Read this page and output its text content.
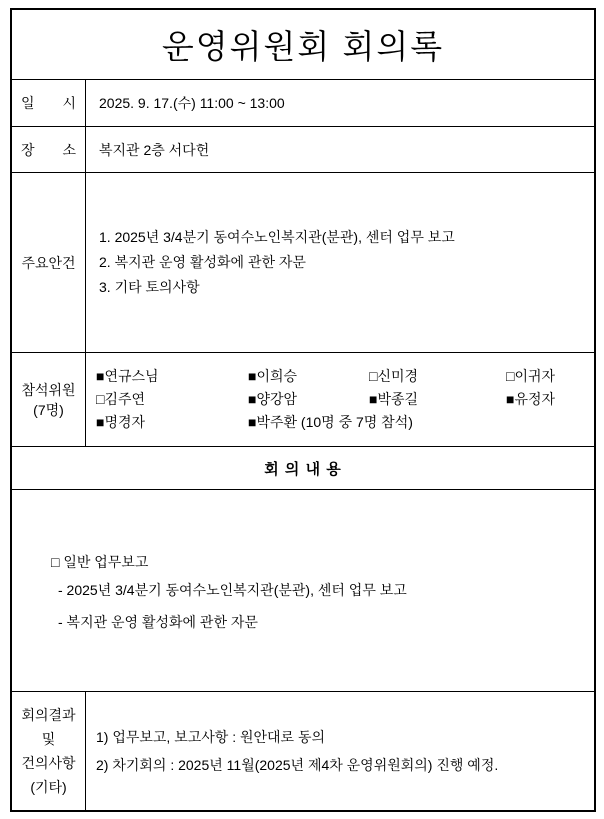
운영위원회 회의록
일 시 2025. 9. 17.(수) 11:00 ~ 13:00
장 소 복지관 2층 서다헌
주요안건
1. 2025년 3/4분기 동여수노인복지관(분관), 센터 업무 보고
2. 복지관 운영 활성화에 관한 자문
3. 기타 토의사항
참석위원
(7명)
■연규스님	■이희승	□신미경	□이귀자
□김주연	■양강암	■박종길	■유정자
■명경자	■박주환 (10명 중 7명 참석)
회 의 내 용
□ 일반 업무보고
- 2025년 3/4분기 동여수노인복지관(분관), 센터 업무 보고
- 복지관 운영 활성화에 관한 자문
회의결과
및
건의사항
(기타)
1) 업무보고, 보고사항 : 원안대로 동의
2) 차기회의 : 2025년 11월(2025년 제4차 운영위원회의) 진행 예정.
